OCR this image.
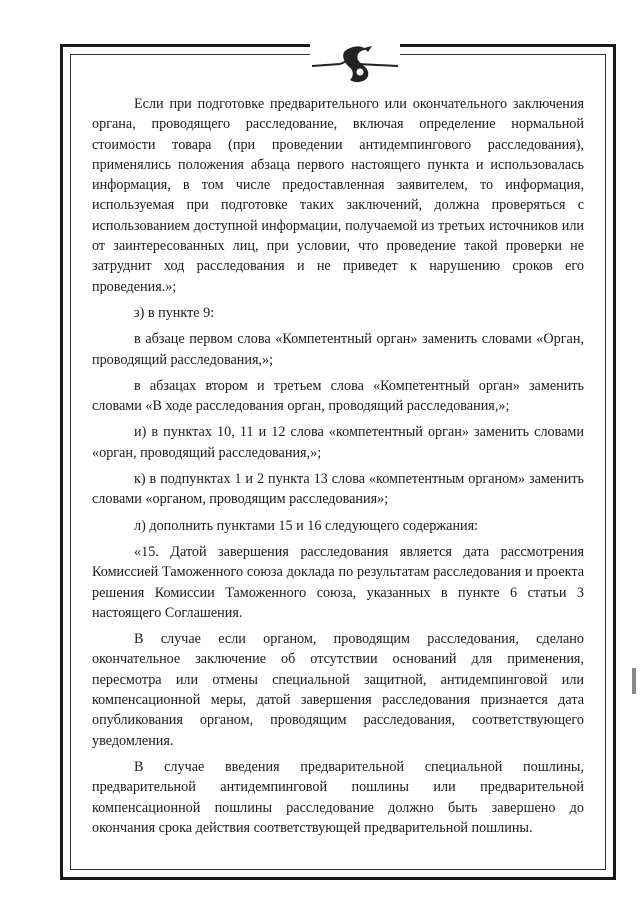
Если при подготовке предварительного или окончательного заключения органа, проводящего расследование, включая определение нормальной стоимости товара (при проведении антидемпингового расследования), применялись положения абзаца первого настоящего пункта и использовалась информация, в том числе предоставленная заявителем, то информация, используемая при подготовке таких заключений, должна проверяться с использованием доступной информации, получаемой из третьих источников или от заинтересованных лиц, при условии, что проведение такой проверки не затруднит ход расследования и не приведет к нарушению сроков его проведения.»;

з) в пункте 9:

в абзаце первом слова «Компетентный орган» заменить словами «Орган, проводящий расследования,»;

в абзацах втором и третьем слова «Компетентный орган» заменить словами «В ходе расследования орган, проводящий расследования,»;

и) в пунктах 10, 11 и 12 слова «компетентный орган» заменить словами «орган, проводящий расследования,»;

к) в подпунктах 1 и 2 пункта 13 слова «компетентным органом» заменить словами «органом, проводящим расследования»;

л) дополнить пунктами 15 и 16 следующего содержания:

«15. Датой завершения расследования является дата рассмотрения Комиссией Таможенного союза доклада по результатам расследования и проекта решения Комиссии Таможенного союза, указанных в пункте 6 статьи 3 настоящего Соглашения.

В случае если органом, проводящим расследования, сделано окончательное заключение об отсутствии оснований для применения, пересмотра или отмены специальной защитной, антидемпинговой или компенсационной меры, датой завершения расследования признается дата опубликования органом, проводящим расследования, соответствующего уведомления.

В случае введения предварительной специальной пошлины, предварительной антидемпинговой пошлины или предварительной компенсационной пошлины расследование должно быть завершено до окончания срока действия соответствующей предварительной пошлины.
